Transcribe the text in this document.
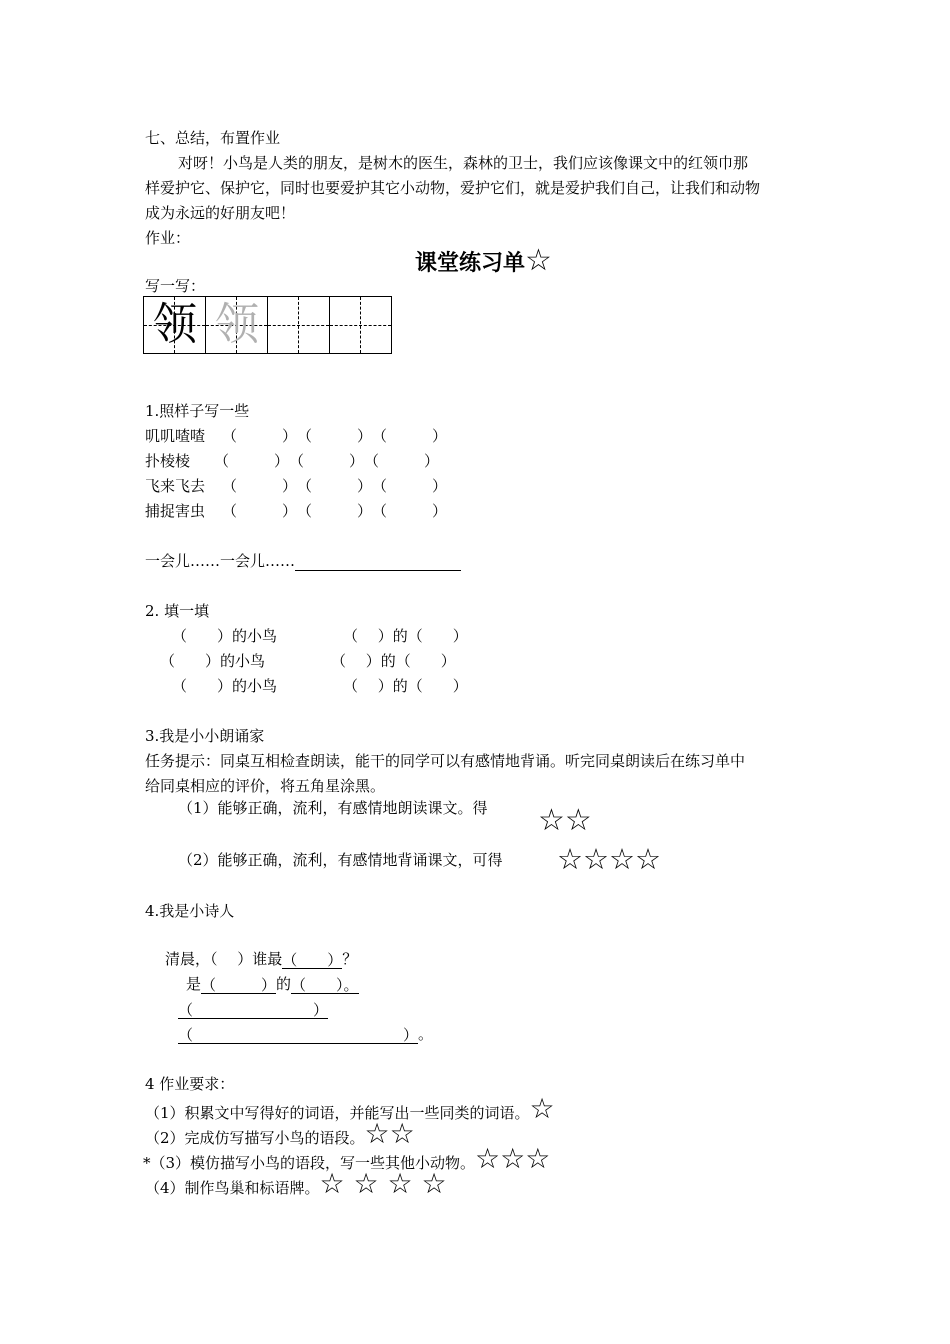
七、总结，布置作业
对呀！小鸟是人类的朋友，是树木的医生，森林的卫士，我们应该像课文中的红领巾那
样爱护它、保护它，同时也要爱护其它小动物，爱护它们，就是爱护我们自己，让我们和动物
成为永远的好朋友吧！
作业：
课堂练习单☆
写一写：
领 领
1.照样子写一些
叽叽喳喳 （　　　）　（　　　）　（　　　）
扑棱棱 （　　　）　（　　　）　（　　　）
飞来飞去 （　　　）　（　　　）　（　　　）
捕捉害虫 （　　　）　（　　　）　（　　　）
一会儿……一会儿……
2. 填一填
（　　）的小鸟	（　 ）的（　　）
（　　）的小鸟	（　 ）的（　　）
（　　）的小鸟	（　 ）的（　　）
3.我是小小朗诵家
任务提示：同桌互相检查朗读，能干的同学可以有感情地背诵。听完同桌朗读后在练习单中
给同桌相应的评价，将五角星涂黑。
（1）能够正确，流利，有感情地朗读课文。得 ☆☆
（2）能够正确，流利，有感情地背诵课文，可得 ☆☆☆☆
4.我是小诗人
清晨，（　 ）谁最（　　）？
是（　　　）的（　　）。
（　　　　　　　　）
（　　　　　　　　　　　　　　）。
4 作业要求：
（1）积累文中写得好的词语，并能写出一些同类的词语。☆
（2）完成仿写描写小鸟的语段。☆☆
*（3）模仿描写小鸟的语段，写一些其他小动物。☆☆☆
（4）制作鸟巢和标语牌。☆ ☆ ☆ ☆
